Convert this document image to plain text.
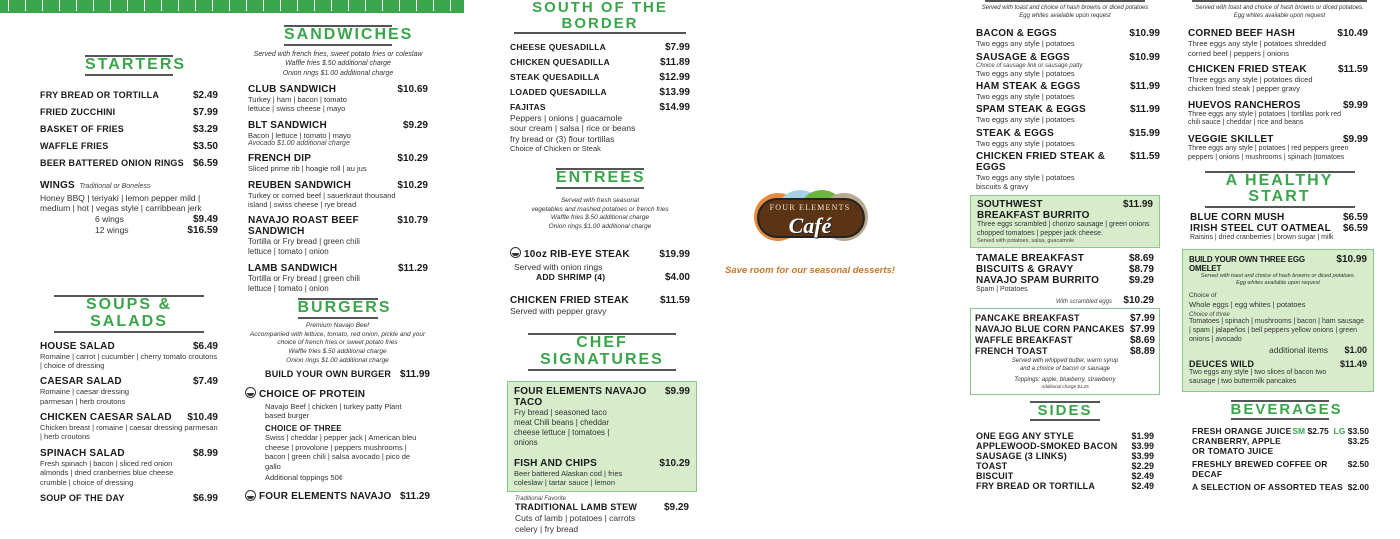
STARTERS
FRY BREAD OR TORTILLA	$2.49
FRIED ZUCCHINI	$7.99
BASKET OF FRIES	$3.29
WAFFLE FRIES	$3.50
BEER BATTERED ONION RINGS $6.59
WINGS Traditional or Boneless
Honey BBQ | teriyaki | lemon pepper mild | medium | hot | vegas style | carribbean jerk
6 wings	$9.49
12 wings	$16.59
SOUPS & SALADS
HOUSE SALAD	$6.49
Romaine | carrot | cucumber | cherry tomato croutons | choice of dressing
CAESAR SALAD	$7.49
Romaine | caesar dressing parmesan | herb croutons
CHICKEN CAESAR SALAD $10.49
Chicken breast | romaine | caesar dressing parmesan | herb croutons
SPINACH SALAD	$8.99
Fresh spinach | bacon | sliced red onion almonds | dried cranberries blue cheese crumble | choice of dressing
SOUP OF THE DAY	$6.99
SANDWICHES
Served with french fries, sweet potato fries or coleslaw
Waffle fries $.50 additional charge
Onion rings $1.00 additional charge
CLUB SANDWICH	$10.69
Turkey | ham | bacon | tomato lettuce | swiss cheese | mayo
BLT SANDWICH	$9.29
Bacon | lettuce | tomato | mayo
Avocado $1.00 additional charge
FRENCH DIP	$10.29
Sliced prime rib | hoagie roll | au jus
REUBEN SANDWICH	$10.29
Turkey or corned beef | sauerkraut thousand island | swiss cheese | rye bread
NAVAJO ROAST BEEF SANDWICH
$10.79
Tortilla or Fry bread | green chili lettuce | tomato | onion
LAMB SANDWICH	$11.29
Tortilla or Fry bread | green chili lettuce | tomato | onion
BURGERS
Premium Navajo Beef
Accompanied with lettuce, tomato, red onion, pickle and your
choice of french fries or sweet potato fries
Waffle fries $.50 additional charge
Onion rings $1.00 additional charge
BUILD YOUR OWN BURGER $11.99
CHOICE OF PROTEIN
Navajo Beef | chicken | turkey patty Plant based burger
CHOICE OF THREE
Swiss | cheddar | pepper jack | American bleu cheese | provolone | peppers mushrooms | bacon | green chili | salsa avocado | pico de gallo
Additional toppings 50¢
FOUR ELEMENTS NAVAJO $11.29
SOUTH OF THE BORDER
CHEESE QUESADILLA	$7.99
CHICKEN QUESADILLA	$11.89
STEAK QUESADILLA	$12.99
LOADED QUESADILLA	$13.99
FAJITAS	$14.99
Peppers | onions | guacamole sour cream | salsa | rice or beans fry bread or (3) flour tortillas
Choice of Chicken or Steak
ENTREES
Served with fresh seasonal
vegetables and mashed potatoes or french fries
Waffle fries $.50 additional charge
Onion rings $1.00 additional charge
10oz RIB-EYE STEAK	$19.99
Served with onion rings
ADD SHRIMP (4)	$4.00
CHICKEN FRIED STEAK	$11.59
Served with pepper gravy
CHEF SIGNATURES
FOUR ELEMENTS NAVAJO TACO
$9.99
Fry bread | seasoned taco meat Chili beans | cheddar cheese lettuce | tomatoes | onions
FISH AND CHIPS	$10.29
Beer battered Alaskan cod | fries coleslaw | tartar sauce | lemon
Traditional Favorite
TRADITIONAL LAMB STEW	$9.29
Cuts of lamb | potatoes | carrots celery | fry bread
FOUR ELEMENTS
Café
Save room for our seasonal desserts!
Served with toast and choice of hash browns or diced potatoes
Egg whites available upon request
BACON & EGGS	$10.99
Two eggs any style | potatoes
SAUSAGE & EGGS	$10.99
Choice of sausage link or sausage patty
Two eggs any style | potatoes
HAM STEAK & EGGS	$11.99
Two eggs any style | potatoes
SPAM STEAK & EGGS	$11.99
Two eggs any style | potatoes
STEAK & EGGS	$15.99
Two eggs any style | potatoes
CHICKEN FRIED STEAK & EGGS
$11.59
Two eggs any style | potatoes biscuits & gravy
SOUTHWEST	$11.99
BREAKFAST BURRITO
Three eggs scrambled | chorizo sausage | green onions chopped tomatoes | pepper jack cheese.
Served with potatoes, salsa, guacamole
TAMALE BREAKFAST	$8.69
BISCUITS & GRAVY	$8.79
NAVAJO SPAM BURRITO	$9.29
Spam | Potatoes
With scrambled eggs $10.29
PANCAKE BREAKFAST	$7.99
NAVAJO BLUE CORN PANCAKES $7.99
WAFFLE BREAKFAST	$8.69
FRENCH TOAST	$8.89
Served with whipped butter, warm syrup
and a choice of bacon or sausage
Toppings: apple, blueberry, strawberry
Additional charge $1.25
SIDES
ONE EGG ANY STYLE	$1.99
APPLEWOOD-SMOKED BACON $3.99
SAUSAGE (3 LINKS)	$3.99
TOAST	$2.29
BISCUIT	$2.49
FRY BREAD OR TORTILLA	$2.49
Served with toast and choice of hash browns or diced potatoes.
Egg whites available upon request
CORNED BEEF HASH	$10.49
Three eggs any style | potatoes shredded corned beef | peppers | onions
CHICKEN FRIED STEAK	$11.59
Three eggs any style | potatoes diced chicken fried steak | pepper gravy
HUEVOS RANCHEROS	$9.99
Three eggs any style | potatoes | tortillas pork red chili sauce | cheddar | rice and beans
VEGGIE SKILLET	$9.99
Three eggs any style | potatoes | red peppers green peppers | onions | mushrooms | spinach |tomatoes
A HEALTHY START
BLUE CORN MUSH	$6.59
IRISH STEEL CUT OATMEAL $6.59
Raisins | dried cranberries | brown sugar | milk
BUILD YOUR OWN THREE EGG OMELET
$10.99
Served with toast and choice of hash browns or diced potatoes.
Egg whites available upon request
Choice of
Whole eggs | egg whites | potatoes
Choice of three
Tomatoes | spinach | mushrooms | bacon | ham sausage | spam | jalapeños | bell peppers yellow onions | green onions | avocado
additional items $1.00
DEUCES WILD	$11.49
Two eggs any style | two slices of bacon two sausage | two buttermilk pancakes
BEVERAGES
FRESH ORANGE JUICE SM $2.75 LG $3.50
CRANBERRY, APPLE OR TOMATO JUICE
$3.25
FRESHLY BREWED COFFEE OR DECAF
$2.50
A SELECTION OF ASSORTED TEAS $2.00
